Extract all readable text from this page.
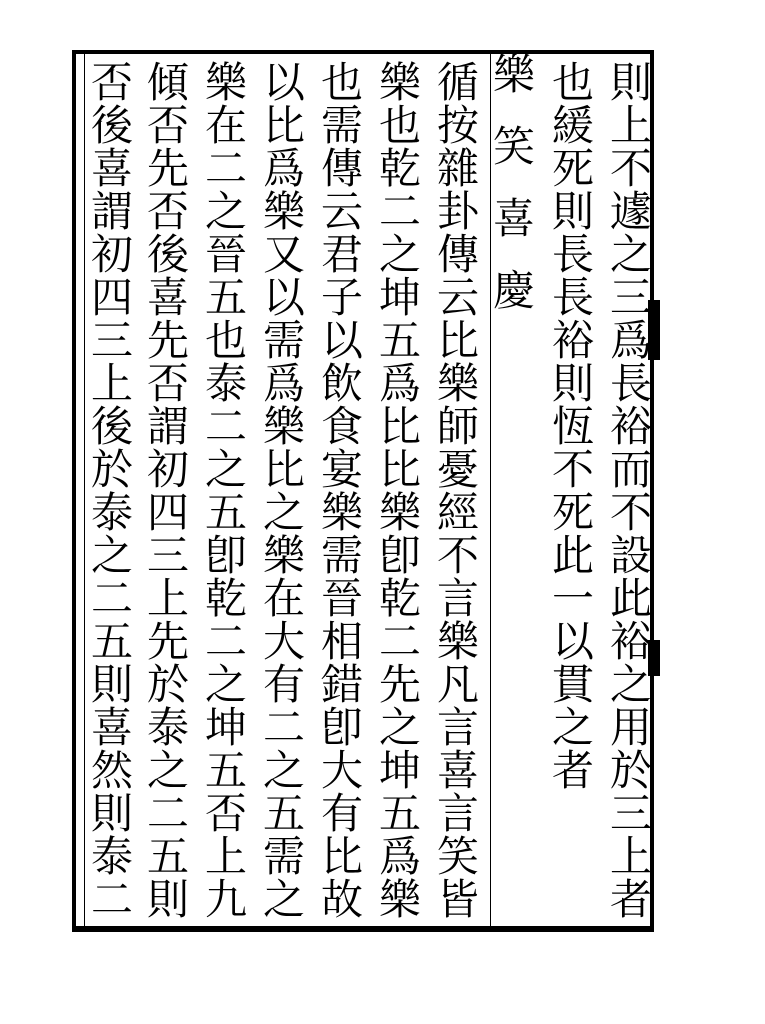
則上不遽之三爲長裕而不設此裕之用於三上者
也緩死則長長裕則恆不死此一以貫之者
樂笑喜慶
循按雜卦傳云比樂師憂經不言樂凡言喜言笑皆
樂也乾二之坤五爲比比樂卽乾二先之坤五爲樂
也需傳云君子以飲食宴樂需晉相錯卽大有比故
以比爲樂又以需爲樂比之樂在大有二之五需之
樂在二之晉五也泰二之五卽乾二之坤五否上九
傾否先否後喜先否謂初四三上先於泰之二五則
否後喜謂初四三上後於泰之二五則喜然則泰二
